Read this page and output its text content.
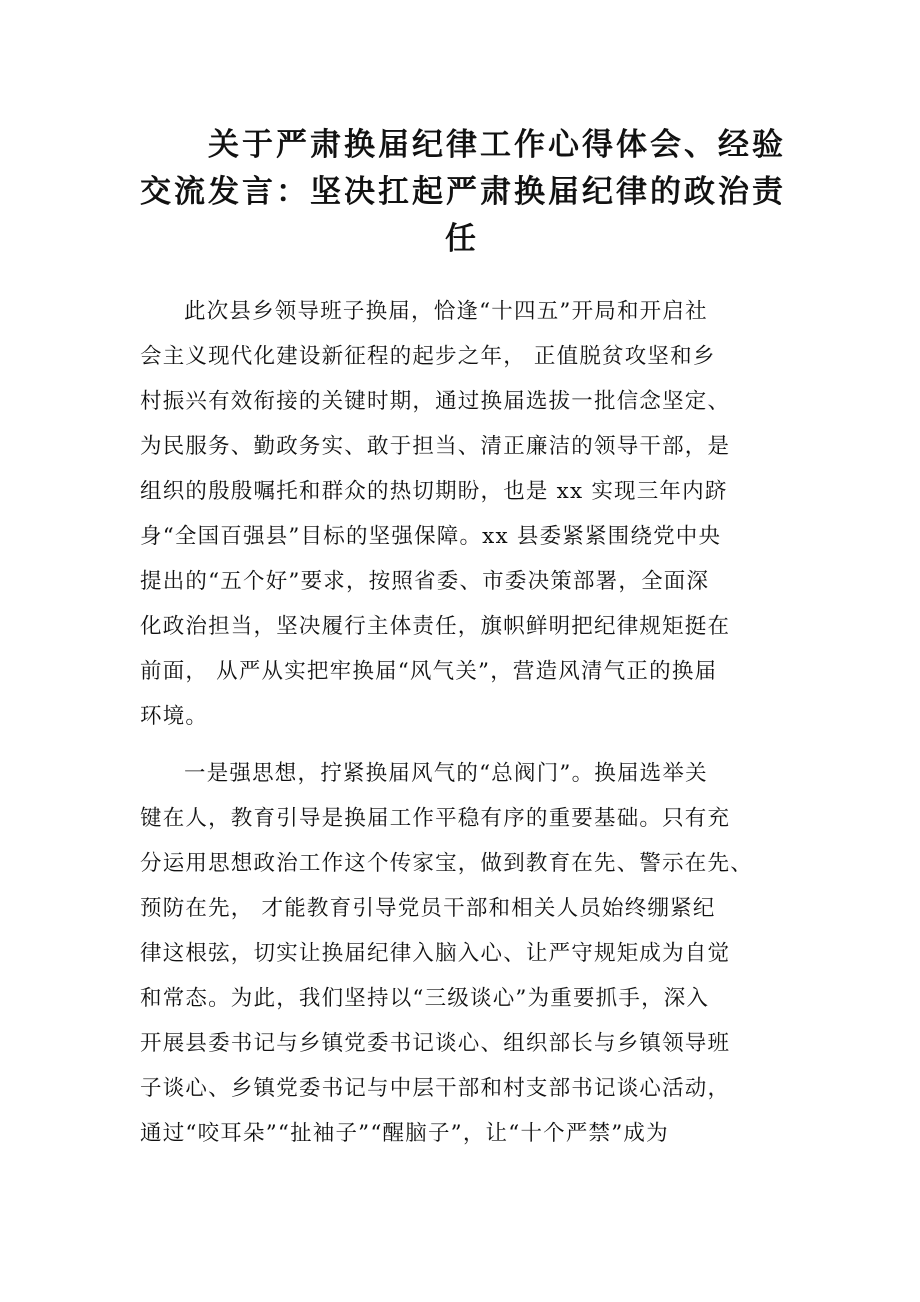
关于严肃换届纪律工作心得体会、经验
交流发言：坚决扛起严肃换届纪律的政治责
任
此次县乡领导班子换届，恰逢“十四五”开局和开启社
会主义现代化建设新征程的起步之年， 正值脱贫攻坚和乡
村振兴有效衔接的关键时期，通过换届选拔一批信念坚定、
为民服务、勤政务实、敢于担当、清正廉洁的领导干部，是
组织的殷殷嘱托和群众的热切期盼，也是 xx 实现三年内跻
身“全国百强县”目标的坚强保障。xx 县委紧紧围绕党中央
提出的“五个好”要求，按照省委、市委决策部署，全面深
化政治担当，坚决履行主体责任，旗帜鲜明把纪律规矩挺在
前面， 从严从实把牢换届“风气关”，营造风清气正的换届
环境。
一是强思想，拧紧换届风气的“总阀门”。换届选举关
键在人，教育引导是换届工作平稳有序的重要基础。只有充
分运用思想政治工作这个传家宝，做到教育在先、警示在先、
预防在先， 才能教育引导党员干部和相关人员始终绷紧纪
律这根弦，切实让换届纪律入脑入心、让严守规矩成为自觉
和常态。为此，我们坚持以“三级谈心”为重要抓手，深入
开展县委书记与乡镇党委书记谈心、组织部长与乡镇领导班
子谈心、乡镇党委书记与中层干部和村支部书记谈心活动，
通过“咬耳朵”“扯袖子”“醒脑子”，让“十个严禁”成为
